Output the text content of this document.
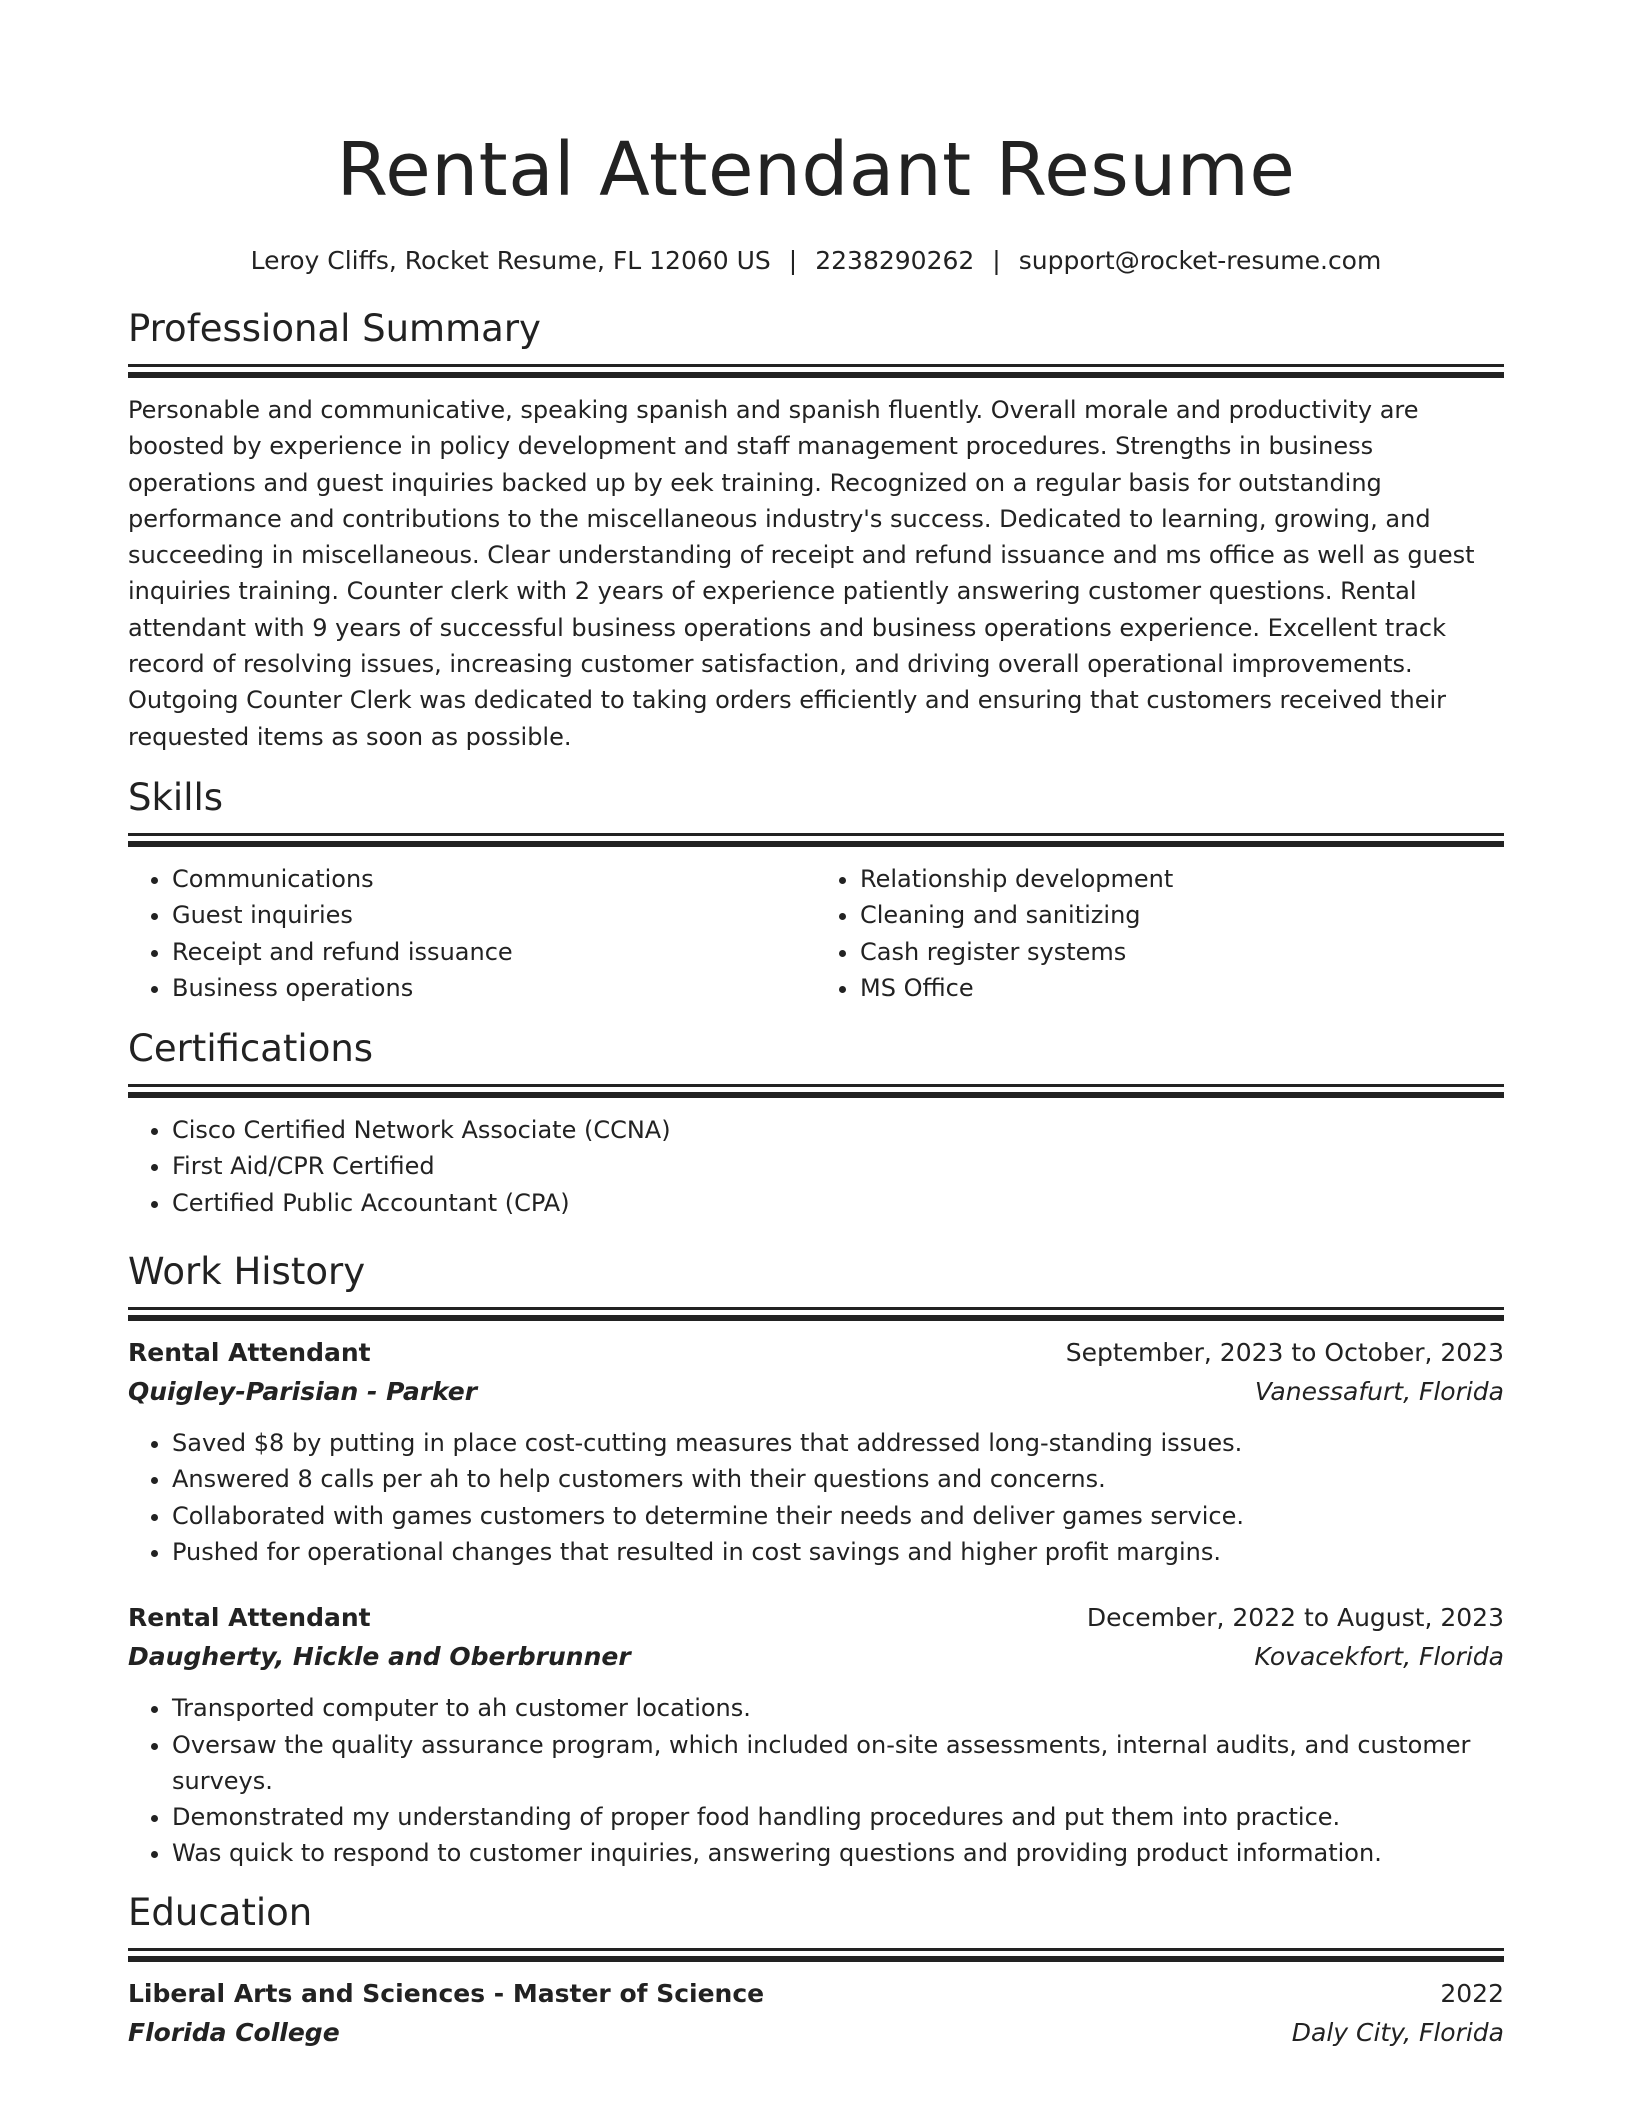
Rental Attendant Resume
Leroy Cliffs, Rocket Resume, FL 12060 US | 2238290262 | support@rocket-resume.com
Professional Summary
Personable and communicative, speaking spanish and spanish fluently. Overall morale and productivity are boosted by experience in policy development and staff management procedures. Strengths in business operations and guest inquiries backed up by eek training. Recognized on a regular basis for outstanding performance and contributions to the miscellaneous industry's success. Dedicated to learning, growing, and succeeding in miscellaneous. Clear understanding of receipt and refund issuance and ms office as well as guest inquiries training. Counter clerk with 2 years of experience patiently answering customer questions. Rental attendant with 9 years of successful business operations and business operations experience. Excellent track record of resolving issues, increasing customer satisfaction, and driving overall operational improvements. Outgoing Counter Clerk was dedicated to taking orders efficiently and ensuring that customers received their requested items as soon as possible.
Skills
• Communications
• Guest inquiries
• Receipt and refund issuance
• Business operations
• Relationship development
• Cleaning and sanitizing
• Cash register systems
• MS Office
Certifications
• Cisco Certified Network Associate (CCNA)
• First Aid/CPR Certified
• Certified Public Accountant (CPA)
Work History
Rental Attendant	September, 2023 to October, 2023
Quigley-Parisian - Parker	Vanessafurt, Florida
• Saved $8 by putting in place cost-cutting measures that addressed long-standing issues.
• Answered 8 calls per ah to help customers with their questions and concerns.
• Collaborated with games customers to determine their needs and deliver games service.
• Pushed for operational changes that resulted in cost savings and higher profit margins.
Rental Attendant	December, 2022 to August, 2023
Daugherty, Hickle and Oberbrunner	Kovacekfort, Florida
• Transported computer to ah customer locations.
• Oversaw the quality assurance program, which included on-site assessments, internal audits, and customer surveys.
• Demonstrated my understanding of proper food handling procedures and put them into practice.
• Was quick to respond to customer inquiries, answering questions and providing product information.
Education
Liberal Arts and Sciences - Master of Science	2022
Florida College	Daly City, Florida
